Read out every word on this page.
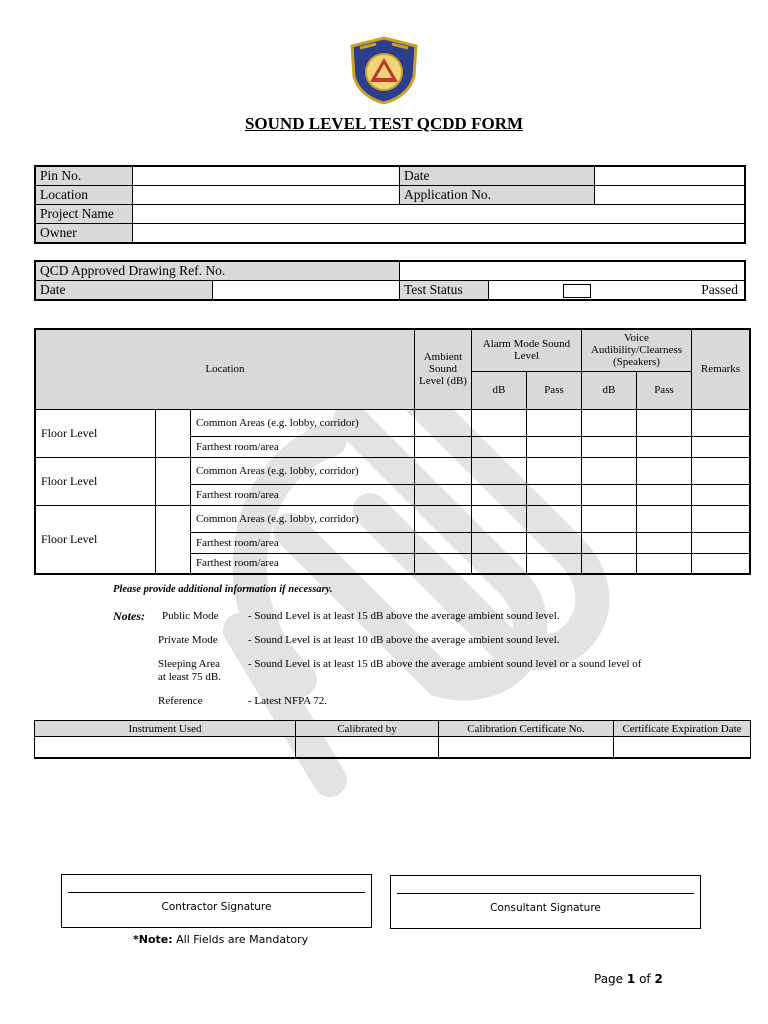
SOUND LEVEL TEST QCDD FORM
Pin No.		Date	
Location		Application No.	
Project Name			
Owner			
QCD Approved Drawing Ref. No.			
Date		Test Status	Passed
Location			Ambient Sound Level (dB)	Alarm Mode Sound Level		Voice Audibility/Clearness (Speakers)		Remarks
				dB	Pass	dB	Pass	
Floor Level		Common Areas (e.g. lobby, corridor)						
		Farthest room/area						
Floor Level		Common Areas (e.g. lobby, corridor)						
		Farthest room/area						
Floor Level		Common Areas (e.g. lobby, corridor)						
		Farthest room/area						
		Farthest room/area						
Please provide additional information if necessary.
Notes: Public Mode	- Sound Level is at least 15 dB above the average ambient sound level.
Private Mode	- Sound Level is at least 10 dB above the average ambient sound level.
Sleeping Area	- Sound Level is at least 15 dB above the average ambient sound level or a sound level of
at least 75 dB.
Reference	- Latest NFPA 72.
Instrument Used	Calibrated by	Calibration Certificate No.	Certificate Expiration Date

Contractor Signature	Consultant Signature
*Note: All Fields are Mandatory
Page 1 of 2
